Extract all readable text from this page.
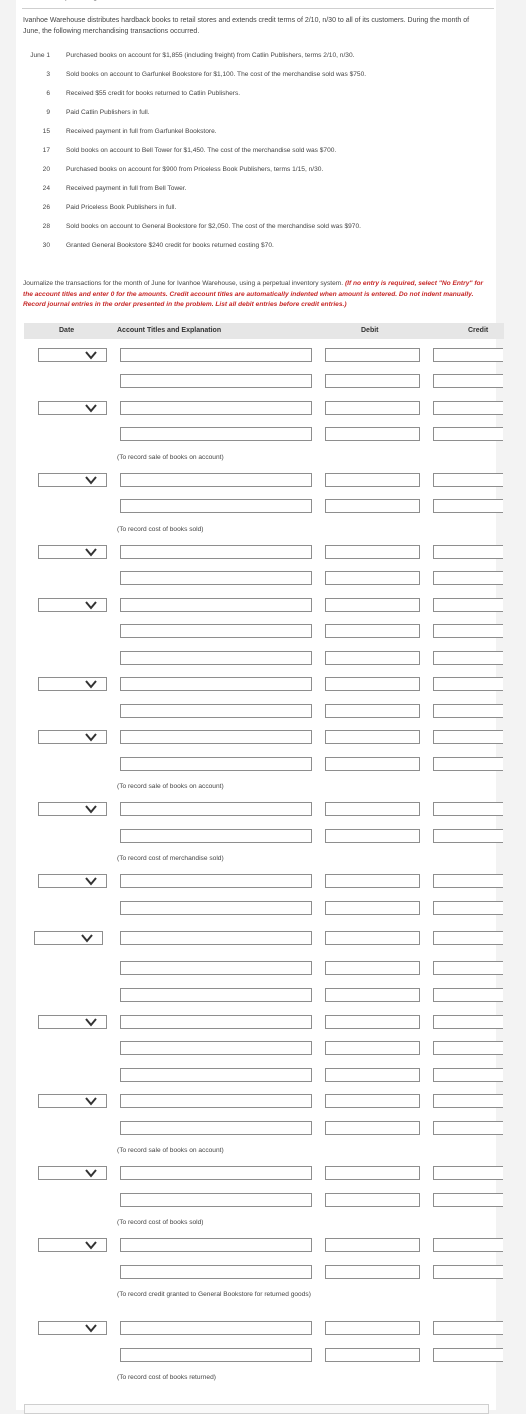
Ivanhoe Warehouse distributes hardback books to retail stores and extends credit terms of 2/10, n/30 to all of its customers. During the month of June, the following merchandising transactions occurred.
June 1 Purchased books on account for $1,855 (including freight) from Catlin Publishers, terms 2/10, n/30.
3 Sold books on account to Garfunkel Bookstore for $1,100. The cost of the merchandise sold was $750.
6 Received $55 credit for books returned to Catlin Publishers.
9 Paid Catlin Publishers in full.
15 Received payment in full from Garfunkel Bookstore.
17 Sold books on account to Bell Tower for $1,450. The cost of the merchandise sold was $700.
20 Purchased books on account for $900 from Priceless Book Publishers, terms 1/15, n/30.
24 Received payment in full from Bell Tower.
26 Paid Priceless Book Publishers in full.
28 Sold books on account to General Bookstore for $2,050. The cost of the merchandise sold was $970.
30 Granted General Bookstore $240 credit for books returned costing $70.
Journalize the transactions for the month of June for Ivanhoe Warehouse, using a perpetual inventory system. (If no entry is required, select "No Entry" for the account titles and enter 0 for the amounts. Credit account titles are automatically indented when amount is entered. Do not indent manually. Record journal entries in the order presented in the problem. List all debit entries before credit entries.)
Date	Account Titles and Explanation	Debit	Credit
(To record sale of books on account)
(To record cost of books sold)
(To record sale of books on account)
(To record cost of merchandise sold)
(To record sale of books on account)
(To record cost of books sold)
(To record credit granted to General Bookstore for returned goods)
(To record cost of books returned)
